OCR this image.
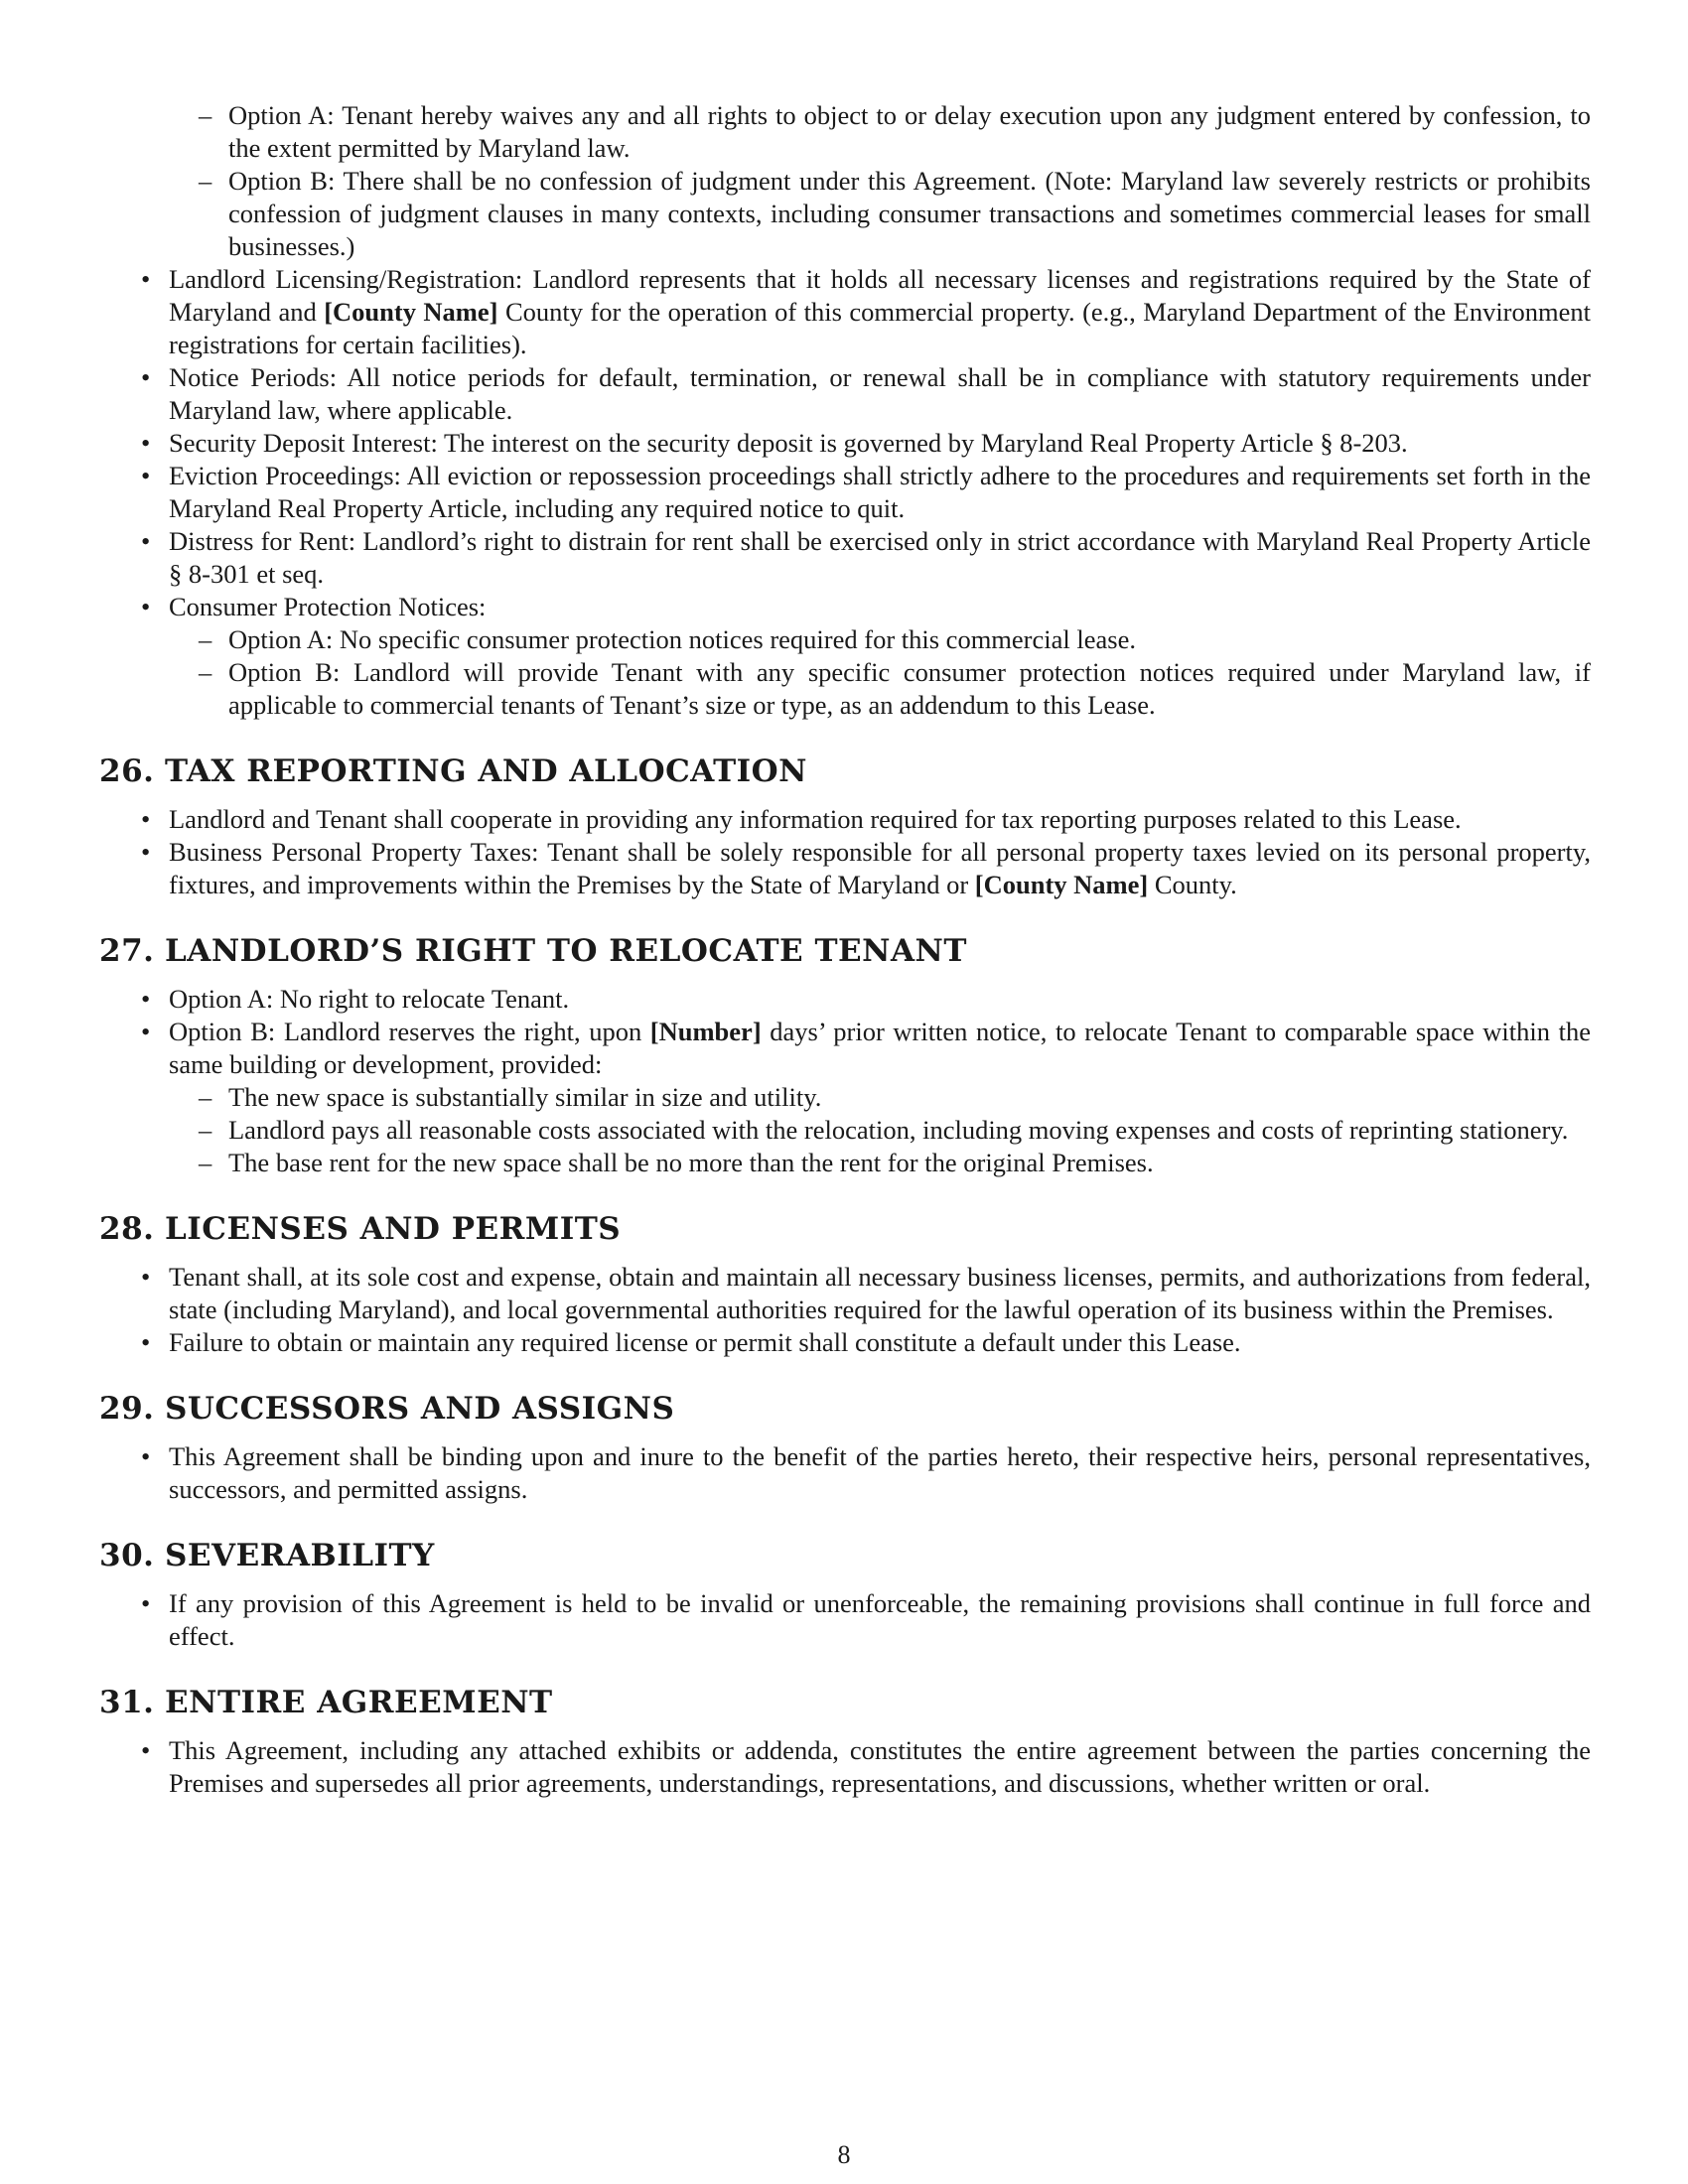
– Option A: Tenant hereby waives any and all rights to object to or delay execution upon any judgment entered by confession, to the extent permitted by Maryland law.
– Option B: There shall be no confession of judgment under this Agreement. (Note: Maryland law severely restricts or prohibits confession of judgment clauses in many contexts, including consumer transactions and sometimes commercial leases for small businesses.)
• Landlord Licensing/Registration: Landlord represents that it holds all necessary licenses and registrations required by the State of Maryland and [County Name] County for the operation of this commercial property. (e.g., Maryland Department of the Environment registrations for certain facilities).
• Notice Periods: All notice periods for default, termination, or renewal shall be in compliance with statutory requirements under Maryland law, where applicable.
• Security Deposit Interest: The interest on the security deposit is governed by Maryland Real Property Article § 8-203.
• Eviction Proceedings: All eviction or repossession proceedings shall strictly adhere to the procedures and requirements set forth in the Maryland Real Property Article, including any required notice to quit.
• Distress for Rent: Landlord’s right to distrain for rent shall be exercised only in strict accordance with Maryland Real Property Article § 8-301 et seq.
• Consumer Protection Notices:
– Option A: No specific consumer protection notices required for this commercial lease.
– Option B: Landlord will provide Tenant with any specific consumer protection notices required under Maryland law, if applicable to commercial tenants of Tenant’s size or type, as an addendum to this Lease.
26. TAX REPORTING AND ALLOCATION
• Landlord and Tenant shall cooperate in providing any information required for tax reporting purposes related to this Lease.
• Business Personal Property Taxes: Tenant shall be solely responsible for all personal property taxes levied on its personal property, fixtures, and improvements within the Premises by the State of Maryland or [County Name] County.
27. LANDLORD’S RIGHT TO RELOCATE TENANT
• Option A: No right to relocate Tenant.
• Option B: Landlord reserves the right, upon [Number] days’ prior written notice, to relocate Tenant to comparable space within the same building or development, provided:
– The new space is substantially similar in size and utility.
– Landlord pays all reasonable costs associated with the relocation, including moving expenses and costs of reprinting stationery.
– The base rent for the new space shall be no more than the rent for the original Premises.
28. LICENSES AND PERMITS
• Tenant shall, at its sole cost and expense, obtain and maintain all necessary business licenses, permits, and authorizations from federal, state (including Maryland), and local governmental authorities required for the lawful operation of its business within the Premises.
• Failure to obtain or maintain any required license or permit shall constitute a default under this Lease.
29. SUCCESSORS AND ASSIGNS
• This Agreement shall be binding upon and inure to the benefit of the parties hereto, their respective heirs, personal representatives, successors, and permitted assigns.
30. SEVERABILITY
• If any provision of this Agreement is held to be invalid or unenforceable, the remaining provisions shall continue in full force and effect.
31. ENTIRE AGREEMENT
• This Agreement, including any attached exhibits or addenda, constitutes the entire agreement between the parties concerning the Premises and supersedes all prior agreements, understandings, representations, and discussions, whether written or oral.
8
